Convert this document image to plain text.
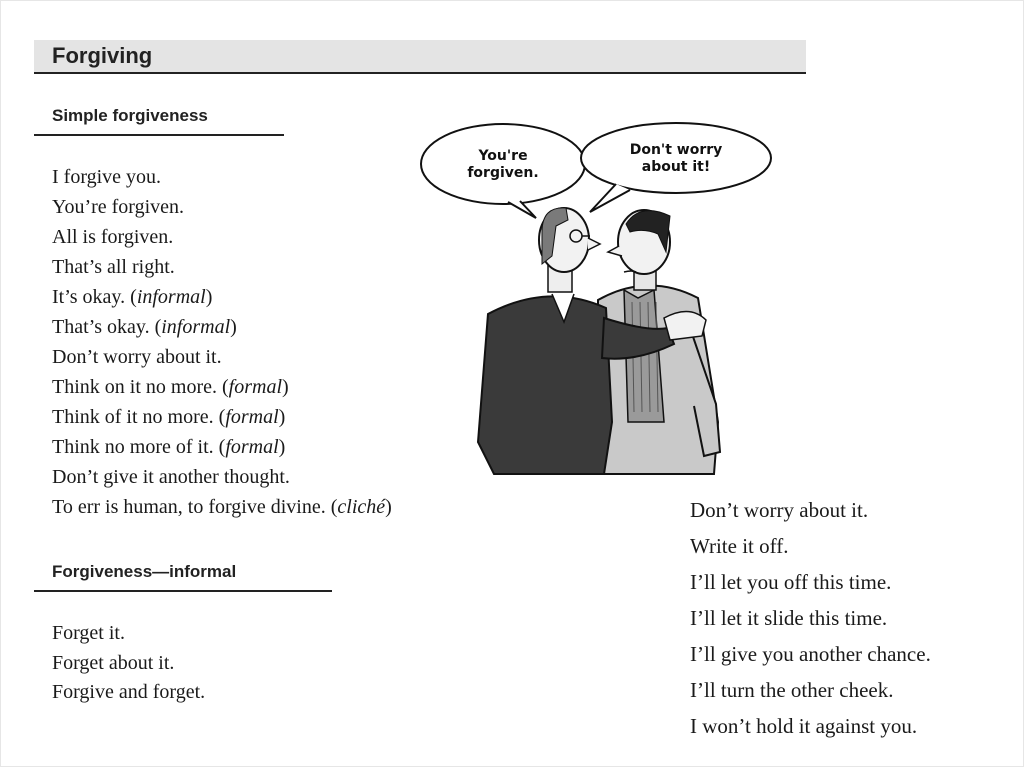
Forgiving
Simple forgiveness
I forgive you.
You’re forgiven.
All is forgiven.
That’s all right.
It’s okay. (informal)
That’s okay. (informal)
Don’t worry about it.
Think on it no more. (formal)
Think of it no more. (formal)
Think no more of it. (formal)
Don’t give it another thought.
To err is human, to forgive divine. (cliché)
Forgiveness—informal
Forget it.
Forget about it.
Forgive and forget.
Don’t worry about it.
Write it off.
I’ll let you off this time.
I’ll let it slide this time.
I’ll give you another chance.
I’ll turn the other cheek.
I won’t hold it against you.
You're
forgiven.
Don't worry
about it!
